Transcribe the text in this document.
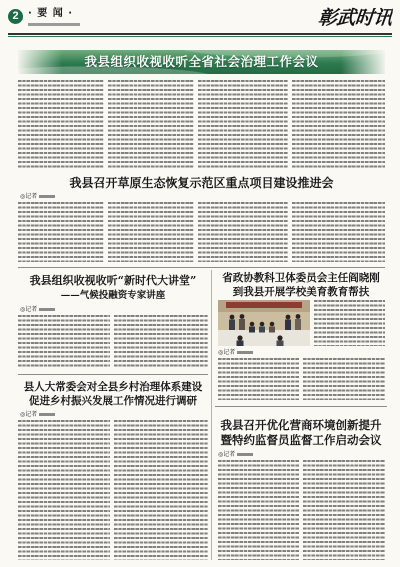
2 · 要 闻 ·	彰武时讯
我县组织收视收听全省社会治理工作会议
我县召开草原生态恢复示范区重点项目建设推进会
◎记者
我县组织收视收听“新时代大讲堂”
——气候投融资专家讲座
◎记者
省政协教科卫体委员会主任阎晓刚
到我县开展学校美育教育帮扶
◎记者
县人大常委会对全县乡村治理体系建设
促进乡村振兴发展工作情况进行调研
◎记者
我县召开优化营商环境创新提升
暨特约监督员监督工作启动会议
◎记者
